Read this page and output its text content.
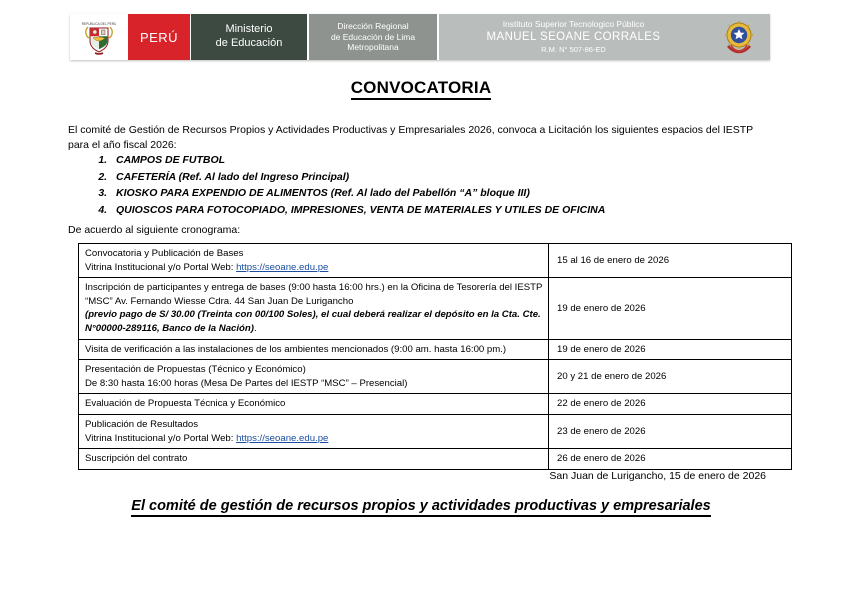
REPUBLICA DEL PERU
PERÚ
Ministerio
de Educación
Dirección Regional
de Educación de Lima
Metropolitana
Instituto Superior Tecnologico Público
MANUEL SEOANE CORRALES
R.M. N° 507-86-ED
CONVOCATORIA

El comité de Gestión de Recursos Propios y Actividades Productivas y Empresariales 2026, convoca a Licitación los siguientes espacios del IESTP para el año fiscal 2026:

1. CAMPOS DE FUTBOL
2. CAFETERÍA (Ref. Al lado del Ingreso Principal)
3. KIOSKO PARA EXPENDIO DE ALIMENTOS (Ref. Al lado del Pabellón “A” bloque III)
4. QUIOSCOS PARA FOTOCOPIADO, IMPRESIONES, VENTA DE MATERIALES Y UTILES DE OFICINA
De acuerdo al siguiente cronograma:
Convocatoria y Publicación de Bases
Vitrina Institucional y/o Portal Web: https://seoane.edu.pe	15 al 16 de enero de 2026

Inscripción de participantes y entrega de bases (9:00 hasta 16:00 hrs.) en la Oficina de Tesorería del IESTP “MSC” Av. Fernando Wiesse Cdra. 44 San Juan De Lurigancho
(previo pago de S/ 30.00 (Treinta con 00/100 Soles), el cual deberá realizar el depósito en la Cta. Cte. N°00000-289116, Banco de la Nación).	19 de enero de 2026
Visita de verificación a las instalaciones de los ambientes mencionados (9:00 am. hasta 16:00 pm.)	19 de enero de 2026

Presentación de Propuestas (Técnico y Económico)
De 8:30 hasta 16:00 horas (Mesa De Partes del IESTP “MSC” – Presencial)	20 y 21 de enero de 2026
Evaluación de Propuesta Técnica y Económico	22 de enero de 2026

Publicación de Resultados
Vitrina Institucional y/o Portal Web: https://seoane.edu.pe	23 de enero de 2026
Suscripción del contrato	26 de enero de 2026
San Juan de Lurigancho, 15 de enero de 2026
El comité de gestión de recursos propios y actividades productivas y empresariales
